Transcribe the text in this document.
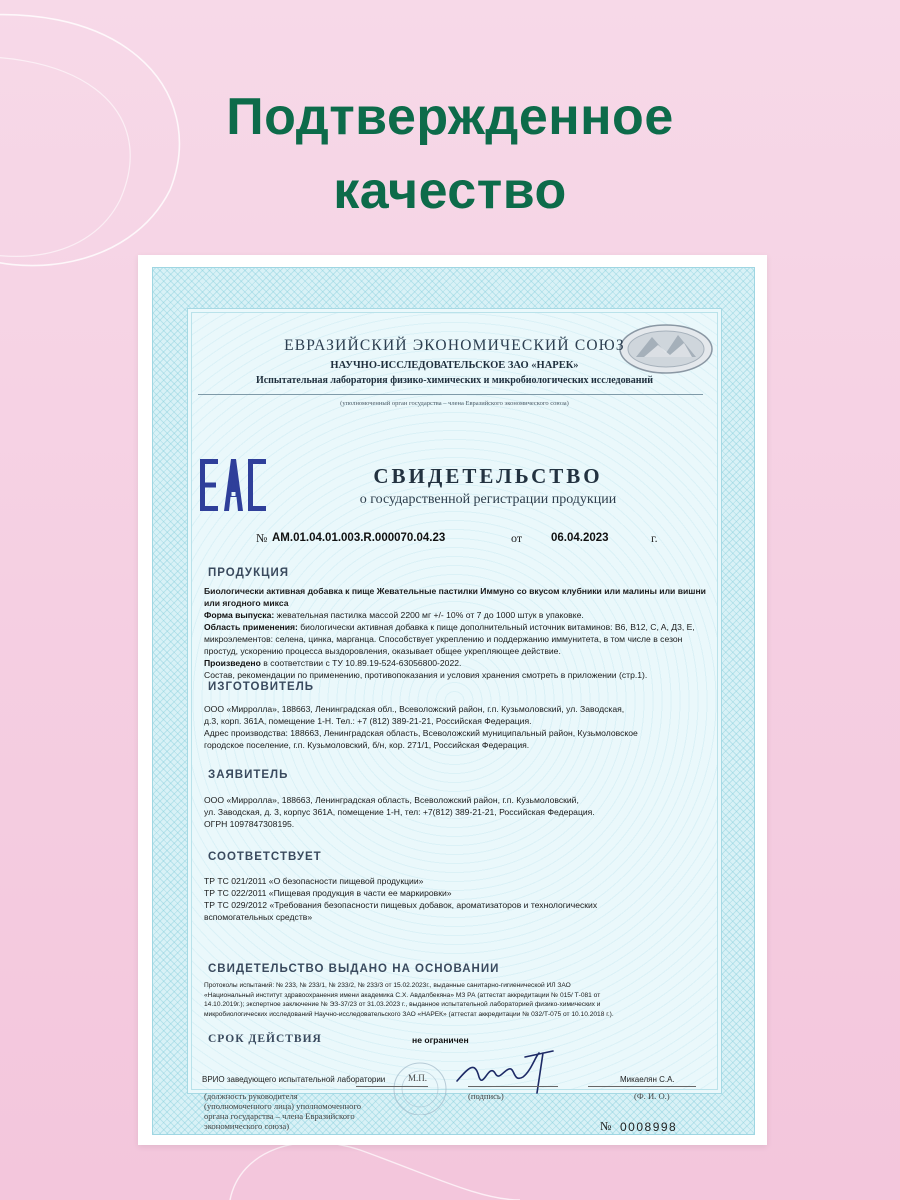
Подтвержденное
качество
ЕВРАЗИЙСКИЙ ЭКОНОМИЧЕСКИЙ СОЮЗ
НАУЧНО-ИССЛЕДОВАТЕЛЬСКОЕ ЗАО «НАРЕК»
Испытательная лаборатория физико-химических и микробиологических исследований
(уполномоченный орган государства – члена Евразийского экономического союза)
СВИДЕТЕЛЬСТВО
о государственной регистрации продукции
№ AM.01.04.01.003.R.000070.04.23	от	06.04.2023	г.
ПРОДУКЦИЯ
Биологически активная добавка к пище Жевательные пастилки Иммуно со вкусом клубники или малины или вишни или ягодного микса
Форма выпуска: жевательная пастилка массой 2200 мг +/- 10% от 7 до 1000 штук в упаковке.
Область применения: биологически активная добавка к пище дополнительный источник витаминов: B6, B12, C, A, Д3, E, микроэлементов: селена, цинка, марганца. Способствует укреплению и поддержанию иммунитета, в том числе в сезон простуд, ускорению процесса выздоровления, оказывает общее укрепляющее действие.
Произведено в соответствии с ТУ 10.89.19-524-63056800-2022.
Состав, рекомендации по применению, противопоказания и условия хранения смотреть в приложении (стр.1).
ИЗГОТОВИТЕЛЬ
ООО «Мирролла», 188663, Ленинградская обл., Всеволожский район, г.п. Кузьмоловский, ул. Заводская,
д.3, корп. 361А, помещение 1-Н. Тел.: +7 (812) 389-21-21, Российская Федерация.
Адрес производства: 188663, Ленинградская область, Всеволожский муниципальный район, Кузьмоловское
городское поселение, г.п. Кузьмоловский, б/н, кор. 271/1, Российская Федерация.
ЗАЯВИТЕЛЬ
ООО «Мирролла», 188663, Ленинградская область, Всеволожский район, г.п. Кузьмоловский,
ул. Заводская, д. 3, корпус 361А, помещение 1-Н, тел: +7(812) 389-21-21, Российская Федерация.
ОГРН 1097847308195.
СООТВЕТСТВУЕТ
ТР ТС 021/2011 «О безопасности пищевой продукции»
ТР ТС 022/2011 «Пищевая продукция в части ее маркировки»
ТР ТС 029/2012 «Требования безопасности пищевых добавок, ароматизаторов и технологических
вспомогательных средств»
СВИДЕТЕЛЬСТВО ВЫДАНО НА ОСНОВАНИИ
Протоколы испытаний: № 233, № 233/1, № 233/2, № 233/3 от 15.02.2023г., выданные санитарно-гигиенической ИЛ ЗАО
«Национальный институт здравоохранения имени академика С.Х. Авдалбекяна» МЗ РА (аттестат аккредитации № 015/ Т-081 от
14.10.2019г.); экспертное заключение № ЭЗ-37/23 от 31.03.2023 г., выданное испытательной лабораторией физико-химических и
микробиологических исследований Научно-исследовательского ЗАО «НАРЕК» (аттестат аккредитации № 032/Т-075 от 10.10.2018 г.).
СРОК ДЕЙСТВИЯ	не ограничен
ВРИО заведующего испытательной лаборатории	М.П.	Микаелян С.А.
(должность руководителя
(уполномоченного лица) уполномоченного
органа государства – члена Евразийского
экономического союза)
(подпись)	(Ф. И. О.)
№ 0008998
